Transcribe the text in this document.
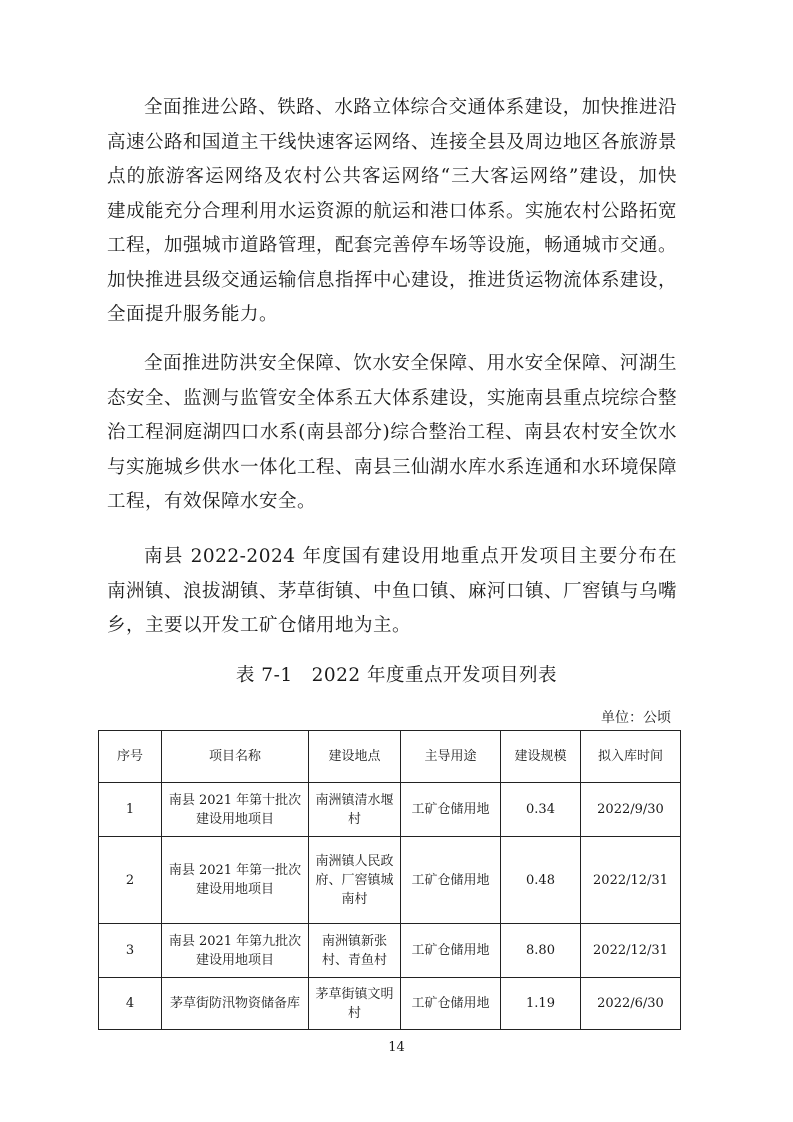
全面推进公路、铁路、水路立体综合交通体系建设，加快推进沿高速公路和国道主干线快速客运网络、连接全县及周边地区各旅游景点的旅游客运网络及农村公共客运网络“三大客运网络”建设，加快建成能充分合理利用水运资源的航运和港口体系。实施农村公路拓宽工程，加强城市道路管理，配套完善停车场等设施，畅通城市交通。加快推进县级交通运输信息指挥中心建设，推进货运物流体系建设，全面提升服务能力。

全面推进防洪安全保障、饮水安全保障、用水安全保障、河湖生态安全、监测与监管安全体系五大体系建设，实施南县重点垸综合整治工程洞庭湖四口水系(南县部分)综合整治工程、南县农村安全饮水与实施城乡供水一体化工程、南县三仙湖水库水系连通和水环境保障工程，有效保障水安全。

南县 2022-2024 年度国有建设用地重点开发项目主要分布在南洲镇、浪拔湖镇、茅草街镇、中鱼口镇、麻河口镇、厂窖镇与乌嘴乡，主要以开发工矿仓储用地为主。

表 7-1　2022 年度重点开发项目列表

单位：公顷

序号	项目名称	建设地点	主导用途	建设规模	拟入库时间
1	南县 2021 年第十批次建设用地项目	南洲镇清水堰村	工矿仓储用地	0.34	2022/9/30
2	南县 2021 年第一批次建设用地项目	南洲镇人民政府、厂窖镇城南村	工矿仓储用地	0.48	2022/12/31
3	南县 2021 年第九批次建设用地项目	南洲镇新张村、青鱼村	工矿仓储用地	8.80	2022/12/31
4	茅草街防汛物资储备库	茅草街镇文明村	工矿仓储用地	1.19	2022/6/30

14
